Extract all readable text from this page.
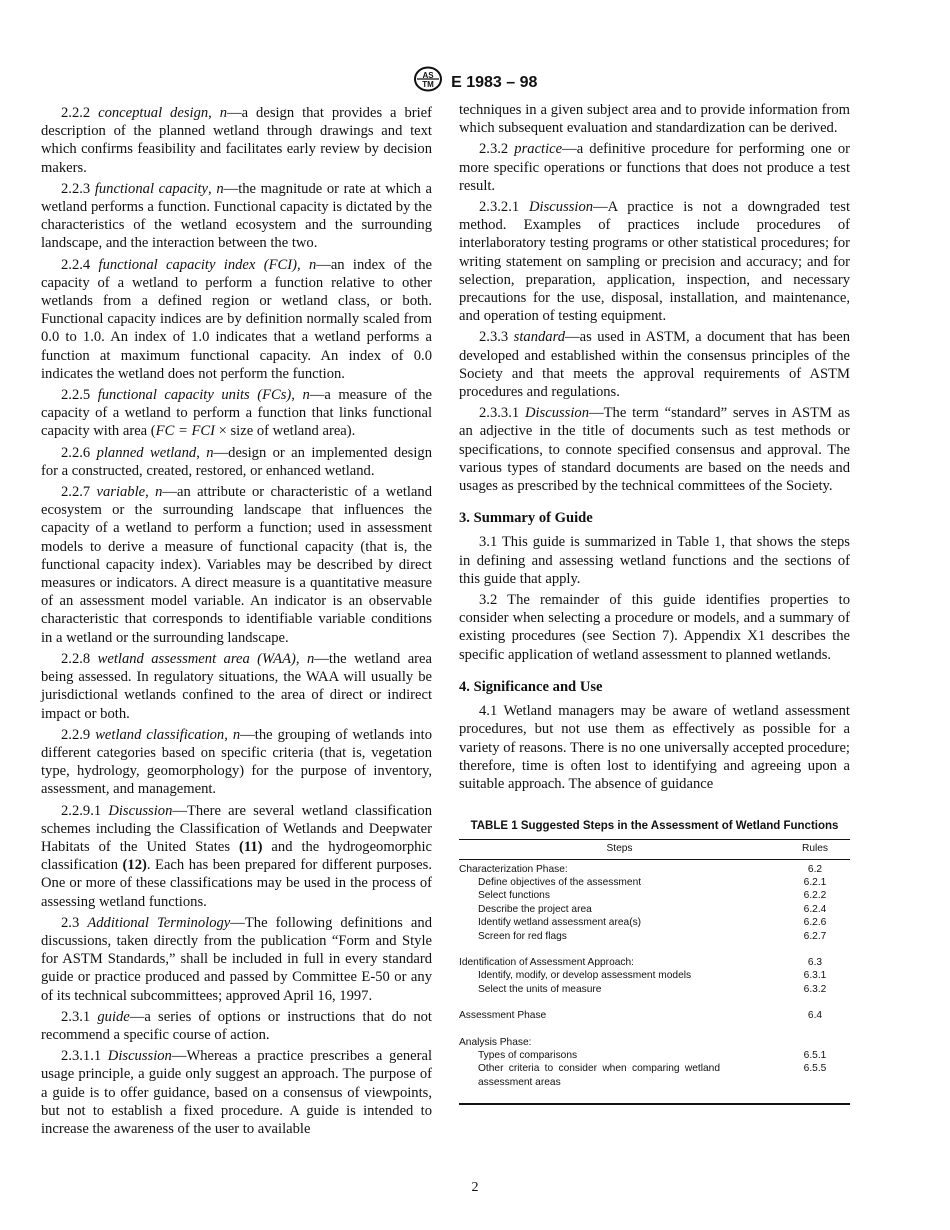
AS
TM E 1983 – 98

2.2.2 conceptual design, n—a design that provides a brief description of the planned wetland through drawings and text which confirms feasibility and facilitates early review by decision makers.

2.2.3 functional capacity, n—the magnitude or rate at which a wetland performs a function. Functional capacity is dictated by the characteristics of the wetland ecosystem and the surrounding landscape, and the interaction between the two.

2.2.4 functional capacity index (FCI), n—an index of the capacity of a wetland to perform a function relative to other wetlands from a defined region or wetland class, or both. Functional capacity indices are by definition normally scaled from 0.0 to 1.0. An index of 1.0 indicates that a wetland performs a function at maximum functional capacity. An index of 0.0 indicates the wetland does not perform the function.

2.2.5 functional capacity units (FCs), n—a measure of the capacity of a wetland to perform a function that links functional capacity with area (FC = FCI × size of wetland area).

2.2.6 planned wetland, n—design or an implemented design for a constructed, created, restored, or enhanced wetland.

2.2.7 variable, n—an attribute or characteristic of a wetland ecosystem or the surrounding landscape that influences the capacity of a wetland to perform a function; used in assessment models to derive a measure of functional capacity (that is, the functional capacity index). Variables may be described by direct measures or indicators. A direct measure is a quantitative measure of an assessment model variable. An indicator is an observable characteristic that corresponds to identifiable variable conditions in a wetland or the surrounding landscape.

2.2.8 wetland assessment area (WAA), n—the wetland area being assessed. In regulatory situations, the WAA will usually be jurisdictional wetlands confined to the area of direct or indirect impact or both.

2.2.9 wetland classification, n—the grouping of wetlands into different categories based on specific criteria (that is, vegetation type, hydrology, geomorphology) for the purpose of inventory, assessment, and management.

2.2.9.1 Discussion—There are several wetland classification schemes including the Classification of Wetlands and Deepwater Habitats of the United States (11) and the hydrogeomorphic classification (12). Each has been prepared for different purposes. One or more of these classifications may be used in the process of assessing wetland functions.

2.3 Additional Terminology—The following definitions and discussions, taken directly from the publication “Form and Style for ASTM Standards,” shall be included in full in every standard guide or practice produced and passed by Committee E-50 or any of its technical subcommittees; approved April 16, 1997.

2.3.1 guide—a series of options or instructions that do not recommend a specific course of action.

2.3.1.1 Discussion—Whereas a practice prescribes a general usage principle, a guide only suggest an approach. The purpose of a guide is to offer guidance, based on a consensus of viewpoints, but not to establish a fixed procedure. A guide is intended to increase the awareness of the user to available

techniques in a given subject area and to provide information from which subsequent evaluation and standardization can be derived.

2.3.2 practice—a definitive procedure for performing one or more specific operations or functions that does not produce a test result.

2.3.2.1 Discussion—A practice is not a downgraded test method. Examples of practices include procedures of interlaboratory testing programs or other statistical procedures; for writing statement on sampling or precision and accuracy; and for selection, preparation, application, inspection, and necessary precautions for the use, disposal, installation, and maintenance, and operation of testing equipment.

2.3.3 standard—as used in ASTM, a document that has been developed and established within the consensus principles of the Society and that meets the approval requirements of ASTM procedures and regulations.

2.3.3.1 Discussion—The term “standard” serves in ASTM as an adjective in the title of documents such as test methods or specifications, to connote specified consensus and approval. The various types of standard documents are based on the needs and usages as prescribed by the technical committees of the Society.

3. Summary of Guide

3.1 This guide is summarized in Table 1, that shows the steps in defining and assessing wetland functions and the sections of this guide that apply.

3.2 The remainder of this guide identifies properties to consider when selecting a procedure or models, and a summary of existing procedures (see Section 7). Appendix X1 describes the specific application of wetland assessment to planned wetlands.

4. Significance and Use

4.1 Wetland managers may be aware of wetland assessment procedures, but not use them as effectively as possible for a variety of reasons. There is no one universally accepted procedure; therefore, time is often lost to identifying and agreeing upon a suitable approach. The absence of guidance

TABLE 1 Suggested Steps in the Assessment of Wetland Functions
Steps	Rules
Characterization Phase:	6.2
Define objectives of the assessment	6.2.1
Select functions	6.2.2
Describe the project area	6.2.4
Identify wetland assessment area(s)	6.2.6
Screen for red flags	6.2.7

Identification of Assessment Approach:	6.3
Identify, modify, or develop assessment models	6.3.1
Select the units of measure	6.3.2

Assessment Phase	6.4

Analysis Phase:	
Types of comparisons	6.5.1
Other criteria to consider when comparing wetland assessment areas	6.5.5
2
